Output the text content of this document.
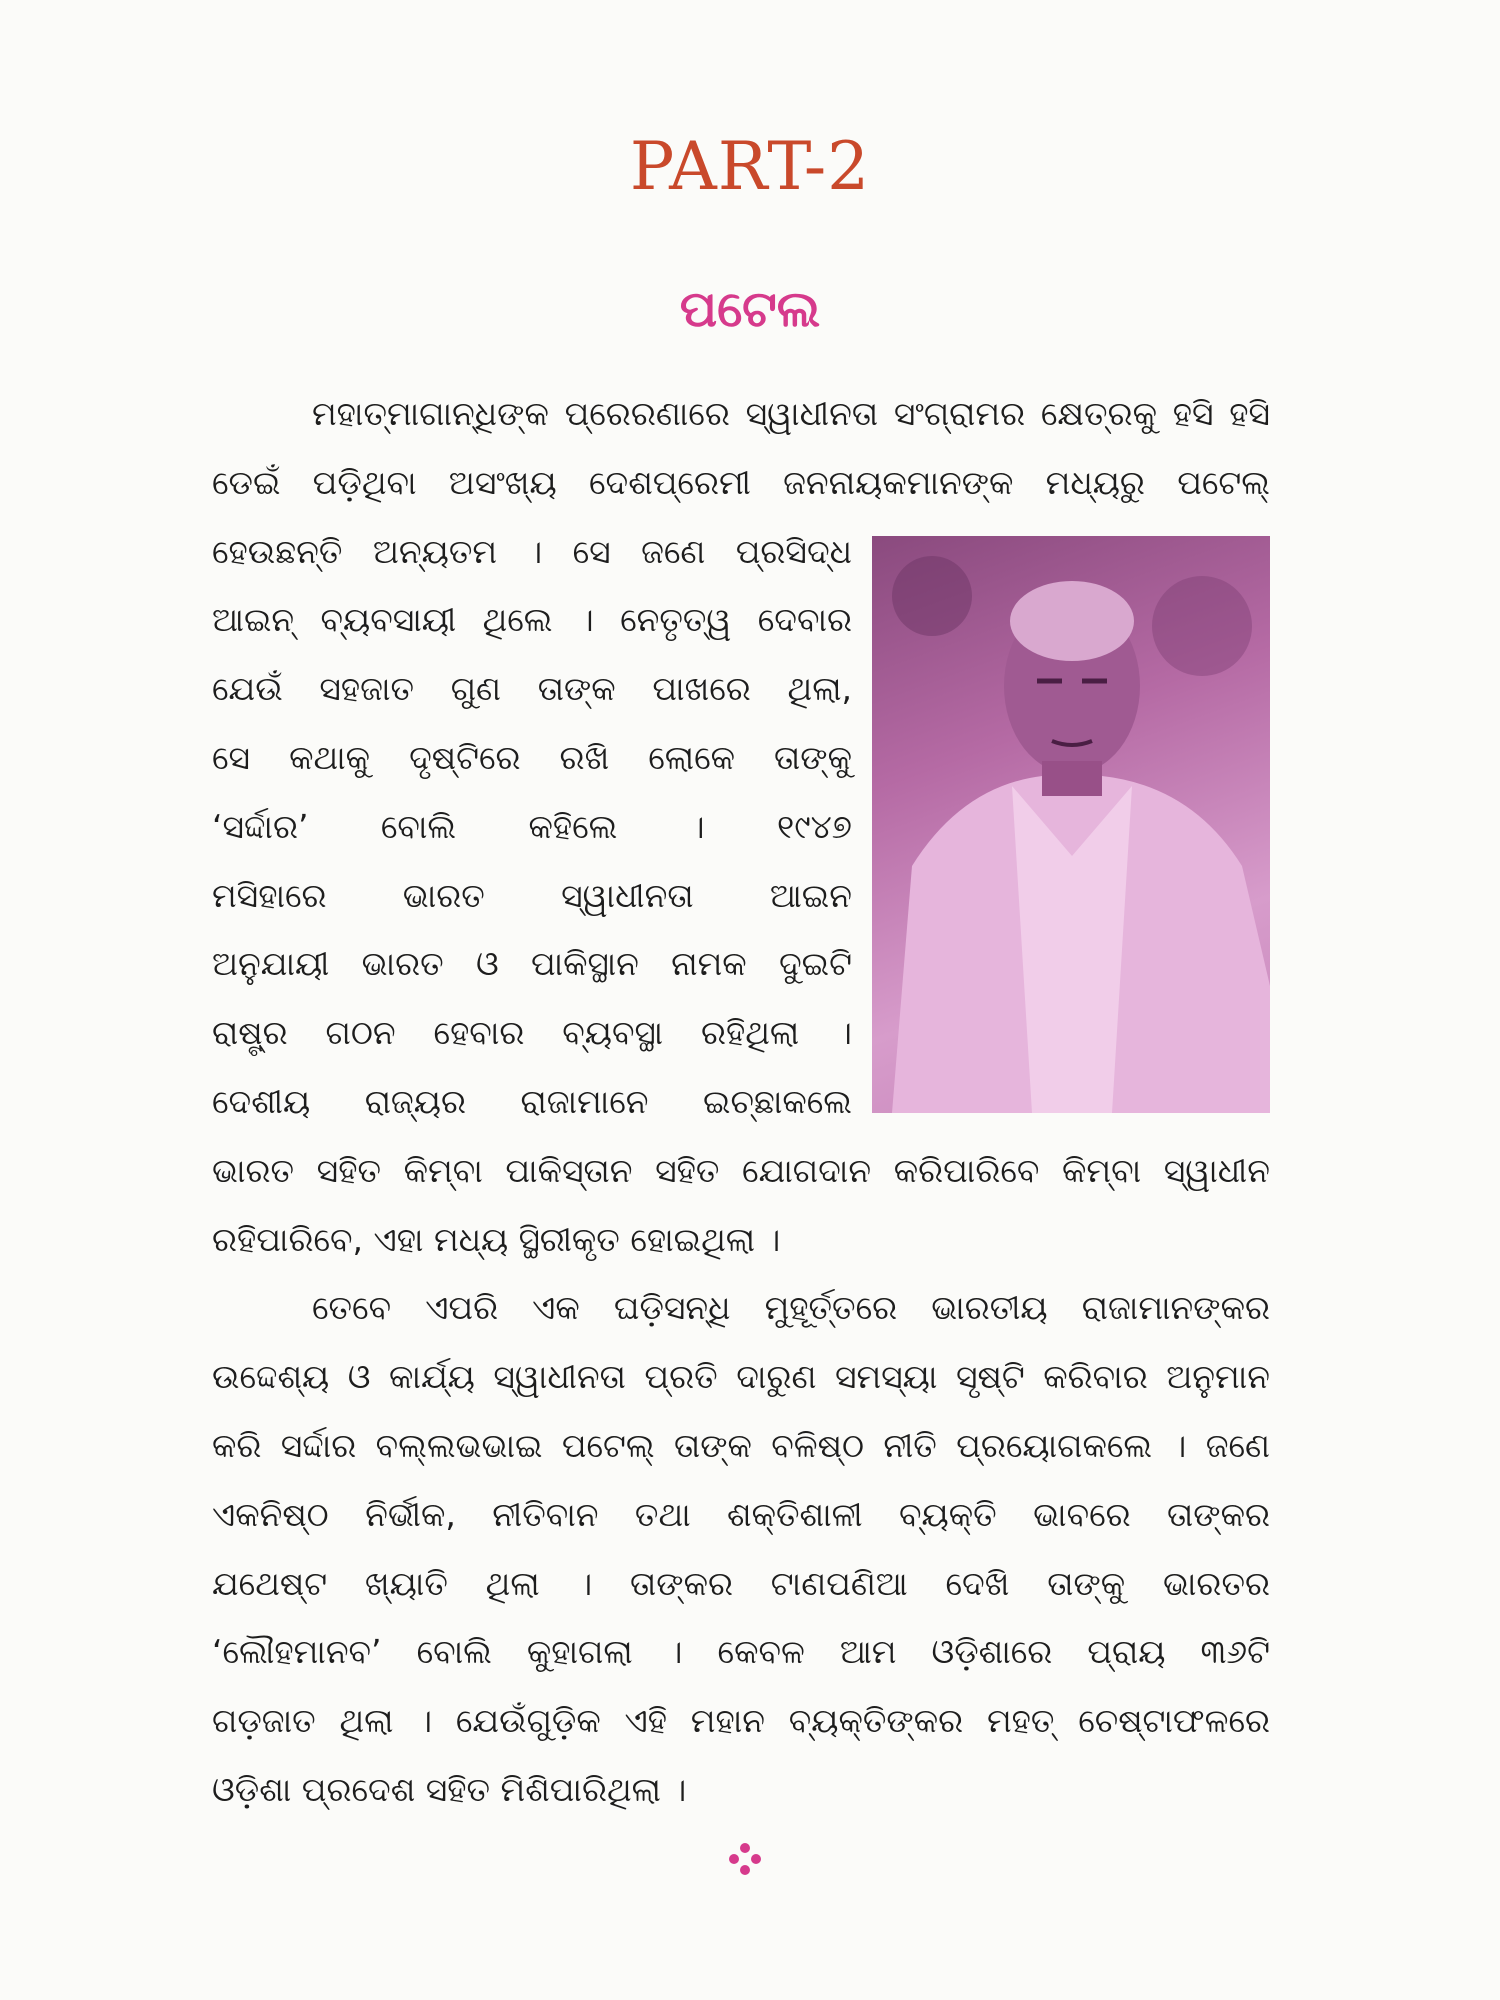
PART-2
ପଟେଲ
ମହାତ୍ମାଗାନ୍ଧିଙ୍କ ପ୍ରେରଣାରେ ସ୍ୱାଧୀନତା ସଂଗ୍ରାମର କ୍ଷେତ୍ରକୁ ହସି ହସି
ଡେଇଁ ପଡ଼ିଥିବା ଅସଂଖ୍ୟ ଦେଶପ୍ରେମୀ ଜନନାୟକମାନଙ୍କ ମଧ୍ୟରୁ ପଟେଲ୍
ହେଉଛନ୍ତି ଅନ୍ୟତମ । ସେ ଜଣେ ପ୍ରସିଦ୍ଧ
ଆଇନ୍ ବ୍ୟବସାୟୀ ଥିଲେ । ନେତୃତ୍ୱ ଦେବାର
ଯେଉଁ ସହଜାତ ଗୁଣ ତାଙ୍କ ପାଖରେ ଥିଲା,
ସେ କଥାକୁ ଦୃଷ୍ଟିରେ ରଖି ଲୋକେ ତାଙ୍କୁ
‘ସର୍ଦ୍ଦାର’ ବୋଲି କହିଲେ । ୧୯୪୭
ମସିହାରେ ଭାରତ ସ୍ୱାଧୀନତା ଆଇନ
ଅନୁଯାୟୀ ଭାରତ ଓ ପାକିସ୍ଥାନ ନାମକ ଦୁଇଟି
ରାଷ୍ଟ୍ର ଗଠନ ହେବାର ବ୍ୟବସ୍ଥା ରହିଥିଲା ।
ଦେଶୀୟ ରାଜ୍ୟର ରାଜାମାନେ ଇଚ୍ଛାକଲେ
ଭାରତ ସହିତ କିମ୍ବା ପାକିସ୍ତାନ ସହିତ ଯୋଗଦାନ କରିପାରିବେ କିମ୍ବା ସ୍ୱାଧୀନ
ରହିପାରିବେ, ଏହା ମଧ୍ୟ ସ୍ଥିରୀକୃତ ହୋଇଥିଲା ।
ତେବେ ଏପରି ଏକ ଘଡ଼ିସନ୍ଧି ମୁହୂର୍ତ୍ତରେ ଭାରତୀୟ ରାଜାମାନଙ୍କର
ଉଦ୍ଦେଶ୍ୟ ଓ କାର୍ଯ୍ୟ ସ୍ୱାଧୀନତା ପ୍ରତି ଦାରୁଣ ସମସ୍ୟା ସୃଷ୍ଟି କରିବାର ଅନୁମାନ
କରି ସର୍ଦ୍ଦାର ବଲ୍ଲଭଭାଇ ପଟେଲ୍ ତାଙ୍କ ବଳିଷ୍ଠ ନୀତି ପ୍ରୟୋଗକଲେ । ଜଣେ
ଏକନିଷ୍ଠ ନିର୍ଭୀକ, ନୀତିବାନ ତଥା ଶକ୍ତିଶାଳୀ ବ୍ୟକ୍ତି ଭାବରେ ତାଙ୍କର
ଯଥେଷ୍ଟ ଖ୍ୟାତି ଥିଲା । ତାଙ୍କର ଟାଣପଣିଆ ଦେଖି ତାଙ୍କୁ ଭାରତର
‘ଲୌହମାନବ’ ବୋଲି କୁହାଗଲା । କେବଳ ଆମ ଓଡ଼ିଶାରେ ପ୍ରାୟ ୩୬ଟି
ଗଡ଼ଜାତ ଥିଲା । ଯେଉଁଗୁଡ଼ିକ ଏହି ମହାନ ବ୍ୟକ୍ତିଙ୍କର ମହତ୍ ଚେଷ୍ଟାଫଳରେ
ଓଡ଼ିଶା ପ୍ରଦେଶ ସହିତ ମିଶିପାରିଥିଲା ।
